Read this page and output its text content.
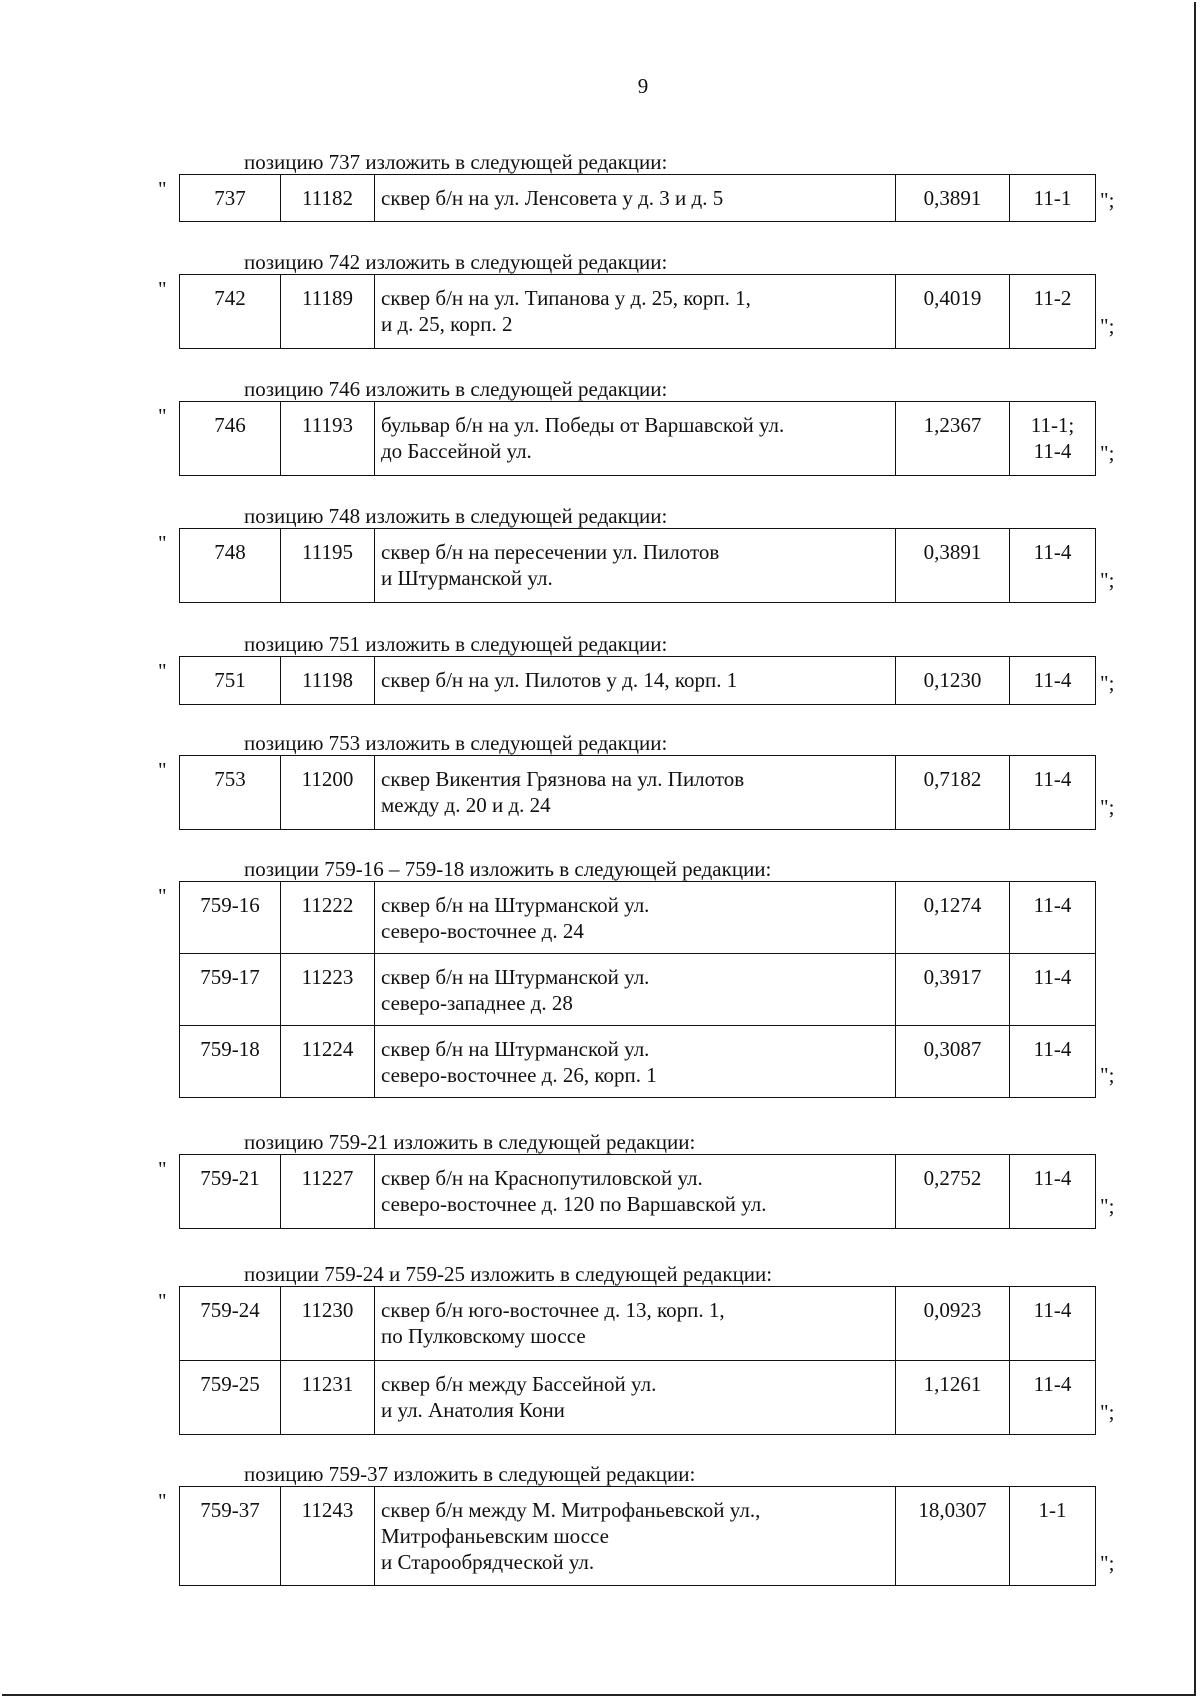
9
позицию 737 изложить в следующей редакции:
" 737	11182	сквер б/н на ул. Ленсовета у д. 3 и д. 5	0,3891	11-1	";
позицию 742 изложить в следующей редакции:
" 742	11189	сквер б/н на ул. Типанова у д. 25, корп. 1,
и д. 25, корп. 2
	0,4019	11-2
";
позицию 746 изложить в следующей редакции:
" 746	11193	бульвар б/н на ул. Победы от Варшавской ул.
до Бассейной ул.
	1,2367	11-1;
11-4	";
позицию 748 изложить в следующей редакции:
" 748	11195	сквер б/н на пересечении ул. Пилотов
и Штурманской ул.
	0,3891	11-4
";
позицию 751 изложить в следующей редакции:
" 751	11198	сквер б/н на ул. Пилотов у д. 14, корп. 1	0,1230	11-4	";
позицию 753 изложить в следующей редакции:
" 753	11200	сквер Викентия Грязнова на ул. Пилотов
между д. 20 и д. 24
	0,7182	11-4
";
позиции 759-16 – 759-18 изложить в следующей редакции:
" 759-16	11222	сквер б/н на Штурманской ул.
северо-восточнее д. 24	0,1274	11-4

759-17	11223	сквер б/н на Штурманской ул.
северо-западнее д. 28	0,3917	11-4

759-18	11224	сквер б/н на Штурманской ул.
северо-восточнее д. 26, корп. 1	0,3087	11-4
";
позицию 759-21 изложить в следующей редакции:
" 759-21	11227	сквер б/н на Краснопутиловской ул.
северо-восточнее д. 120 по Варшавской ул.
	0,2752	11-4
";
позиции 759-24 и 759-25 изложить в следующей редакции:
" 759-24	11230	сквер б/н юго-восточнее д. 13, корп. 1,
по Пулковскому шоссе	0,0923	11-4

759-25	11231	сквер б/н между Бассейной ул.
и ул. Анатолия Кони	1,1261	11-4
";
позицию 759-37 изложить в следующей редакции:
" 759-37	11243	сквер б/н между М. Митрофаньевской ул.,
Митрофаньевским шоссе
и Старообрядческой ул.
	18,0307	1-1
";
